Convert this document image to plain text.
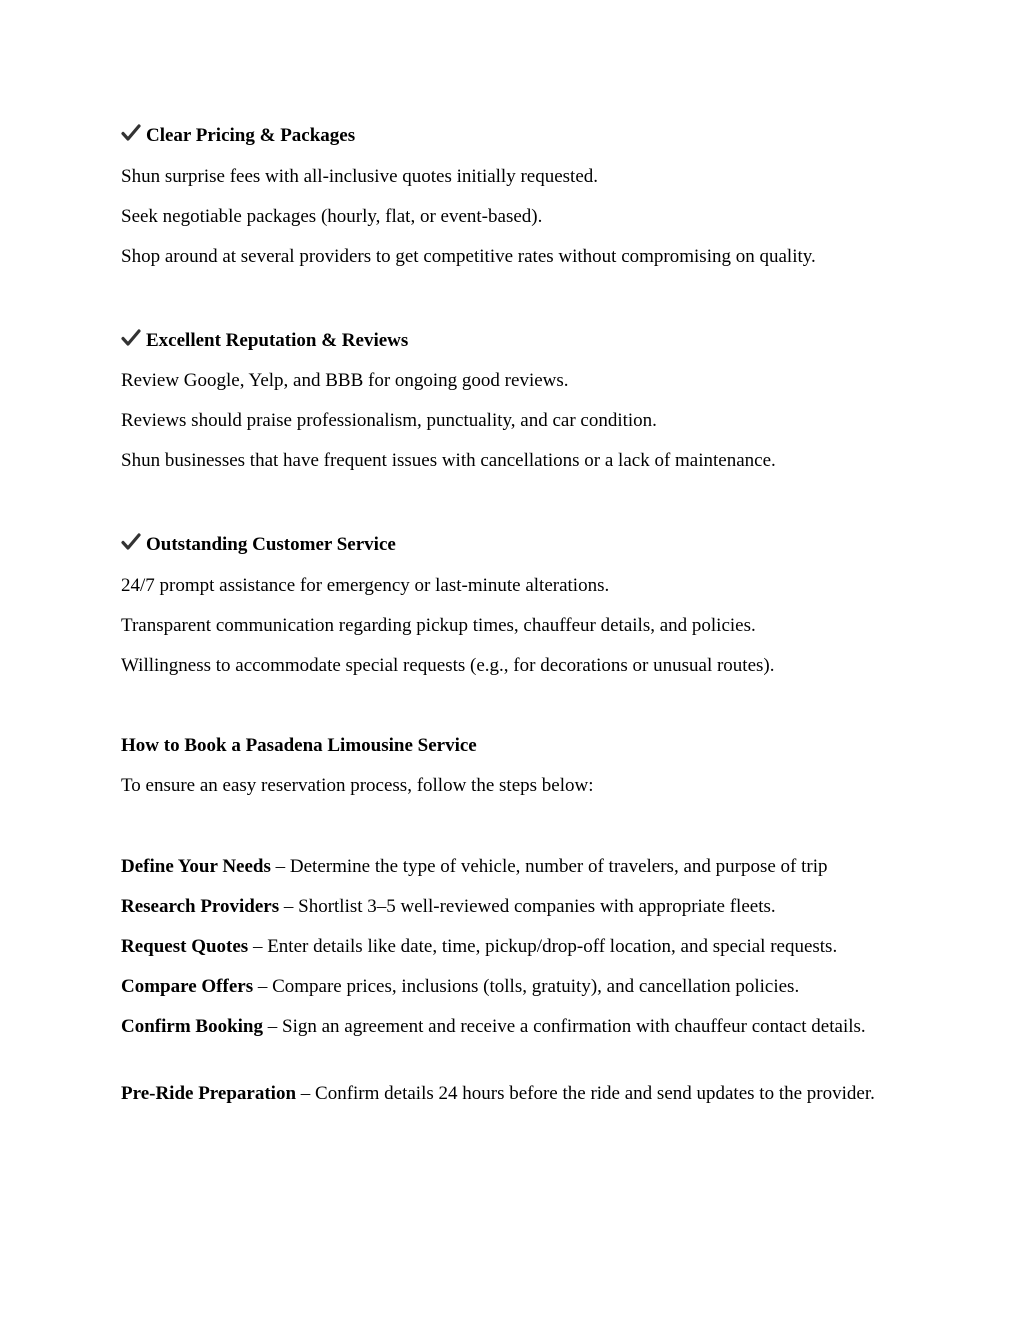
Clear Pricing & Packages
Shun surprise fees with all-inclusive quotes initially requested.
Seek negotiable packages (hourly, flat, or event-based).
Shop around at several providers to get competitive rates without compromising on quality.
Excellent Reputation & Reviews
Review Google, Yelp, and BBB for ongoing good reviews.
Reviews should praise professionalism, punctuality, and car condition.
Shun businesses that have frequent issues with cancellations or a lack of maintenance.
Outstanding Customer Service
24/7 prompt assistance for emergency or last-minute alterations.
Transparent communication regarding pickup times, chauffeur details, and policies.
Willingness to accommodate special requests (e.g., for decorations or unusual routes).
How to Book a Pasadena Limousine Service
To ensure an easy reservation process, follow the steps below:
Define Your Needs – Determine the type of vehicle, number of travelers, and purpose of trip
Research Providers – Shortlist 3–5 well-reviewed companies with appropriate fleets.
Request Quotes – Enter details like date, time, pickup/drop-off location, and special requests.
Compare Offers – Compare prices, inclusions (tolls, gratuity), and cancellation policies.
Confirm Booking – Sign an agreement and receive a confirmation with chauffeur contact details.
Pre-Ride Preparation – Confirm details 24 hours before the ride and send updates to the provider.
